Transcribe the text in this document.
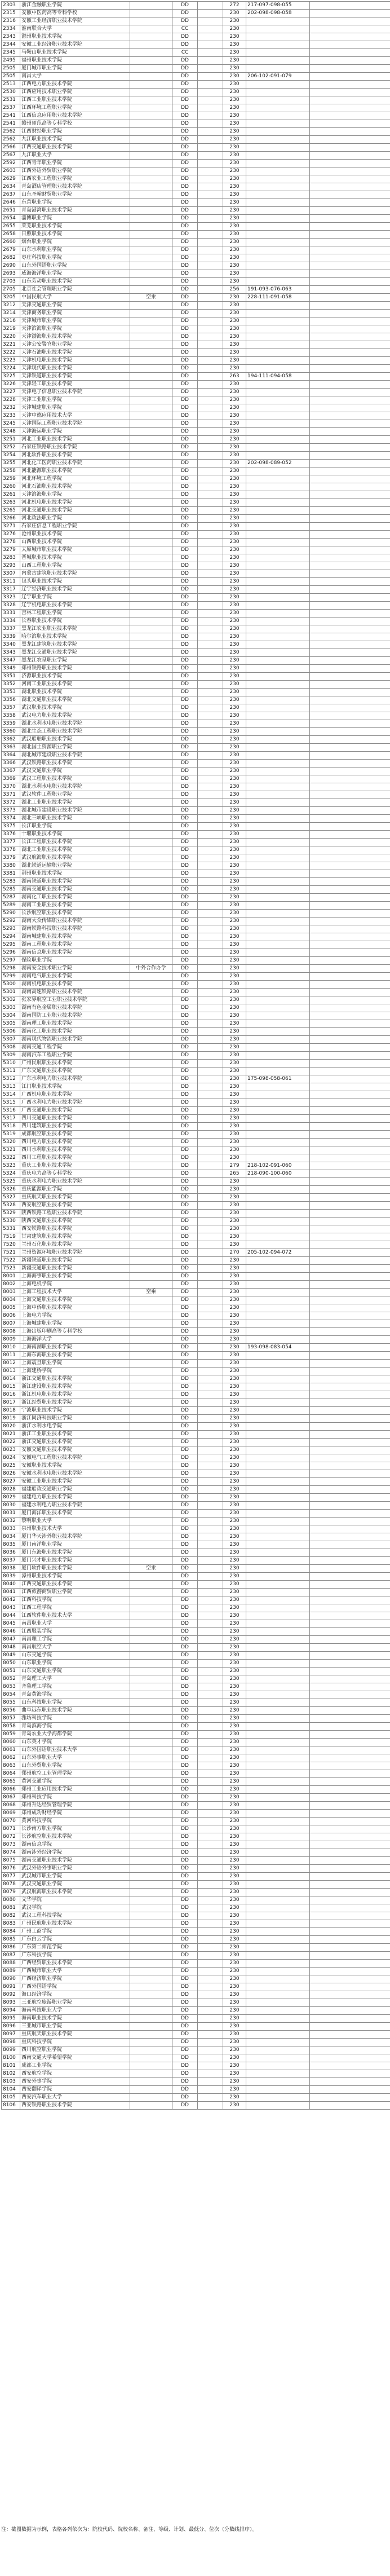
2303	浙江金融职业学院		DD		272	217-097-098-055	
2315	安徽中医药高等专科学校		DD		230	202-098-098-058	
2316	安徽工业经济职业技术学院		DD		230		
2334	淮南联合大学		CC		230		
2343	滁州职业技术学院		DD		230		
2344	安徽工业经济职业技术学院		DD		230		
2345	马鞍山职业技术学院		CC		230		
2495	福州职业技术学院		DD		230		
2505	厦门城市职业学院		DD		230		
2505	南昌大学		DD		230	206-102-091-079	
2513	江西电力职业技术学院		DD		230		
2530	江西应用技术职业学院		DD		230		
2531	江西工业职业技术学院		DD		230		
2537	江西环境工程职业学院		DD		230		
2541	江西信息应用职业技术学院		DD		230		
2541	赣州师范高等专科学校		DD		230		
2562	江西财经职业学院		DD		230		
2562	九江职业技术学院		DD		230		
2566	江西交通职业技术学院		DD		230		
2567	九江职业大学		DD		230		
2592	江西青年职业学院		DD		230		
2603	江西外语外贸职业学院		DD		230		
2629	江西农业工程职业学院		DD		230		
2634	青岛酒店管理职业技术学院		DD		230		
2637	山东圣翰财贸职业学院		DD		230		
2646	东营职业学院		DD		230		
2651	青岛港湾职业技术学院		DD		230		
2654	淄博职业学院		DD		230		
2655	莱芜职业技术学院		DD		230		
2658	日照职业技术学院		DD		230		
2660	烟台职业学院		DD		230		
2679	山东水利职业学院		DD		230		
2682	枣庄科技职业学院		DD		230		
2690	山东外国语职业学院		DD		230		
2693	威海海洋职业学院		DD		230		
2703	山东劳动职业技术学院		DD		230		
2705	北京社会管理职业学院		DD		256	191-093-076-063	
3205	中国民航大学	空乘	DD		230	228-111-091-058	
3212	天津交通职业学院		DD		230		
3214	天津商务职业学院		DD		230		
3216	天津城市职业学院		DD		230		
3219	天津滨海职业学院		DD		230		
3220	天津渤海职业技术学院		DD		230		
3221	天津公安警官职业学院		DD		230		
3222	天津石油职业技术学院		DD		230		
3223	天津机电职业技术学院		DD		230		
3224	天津现代职业技术学院		DD		230		
3225	天津铁道职业技术学院		DD		263	194-111-094-058	
3226	天津轻工职业技术学院		DD		230		
3227	天津电子信息职业技术学院		DD		230		
3228	天津工业职业学院		DD		230		
3232	天津城建职业学院		DD		230		
3233	天津中德应用技术大学		DD		230		
3245	天津国际工程职业技术学院		DD		230		
3248	天津海运职业学院		DD		230		
3251	河北工业职业技术学院		DD		230		
3252	石家庄铁路职业技术学院		DD		230		
3254	河北软件职业技术学院		DD		230		
3255	河北化工医药职业技术学院		DD		230	202-098-089-052	
3258	河北能源职业技术学院		DD		230		
3259	河北环境工程学院		DD		230		
3260	河北石油职业技术学院		DD		230		
3261	天津滨海职业学院		DD		230		
3263	河北机电职业技术学院		DD		230		
3265	河北交通职业技术学院		DD		230		
3266	河北政法职业学院		DD		230		
3271	石家庄信息工程职业学院		DD		230		
3276	沧州职业技术学院		DD		230		
3278	山西职业技术学院		DD		230		
3279	太原城市职业技术学院		DD		230		
3283	晋城职业技术学院		DD		230		
3293	山西工程职业学院		DD		230		
3307	内蒙古建筑职业技术学院		DD		230		
3311	包头职业技术学院		DD		230		
3317	辽宁经济职业技术学院		DD		230		
3323	辽宁职业学院		DD		230		
3328	辽宁机电职业技术学院		DD		230		
3331	吉林工程职业学院		DD		230		
3334	长春职业技术学院		DD		230		
3337	黑龙江农业职业技术学院		DD		230		
3339	哈尔滨职业技术学院		DD		230		
3340	黑龙江建筑职业技术学院		DD		230		
3343	黑龙江交通职业技术学院		DD		230		
3347	黑龙江农垦职业学院		DD		230		
3349	郑州铁路职业技术学院		DD		230		
3351	济源职业技术学院		DD		230		
3352	河南工业职业技术学院		DD		230		
3353	湖北职业技术学院		DD		230		
3356	湖北交通职业技术学院		DD		230		
3357	武汉职业技术学院		DD		230		
3358	武汉电力职业技术学院		DD		230		
3359	湖北水利水电职业技术学院		DD		230		
3360	湖北生态工程职业技术学院		DD		230		
3362	武汉船舶职业技术学院		DD		230		
3363	湖北国土资源职业学院		DD		230		
3364	湖北城市建设职业技术学院		DD		230		
3366	武汉铁路职业技术学院		DD		230		
3367	武汉交通职业学院		DD		230		
3369	武汉工程职业技术学院		DD		230		
3370	湖北水利水电职业技术学院		DD		230		
3371	武汉软件工程职业学院		DD		230		
3372	湖北工业职业技术学院		DD		230		
3373	湖北城市建设职业技术学院		DD		230		
3374	湖北三峡职业技术学院		DD		230		
3375	长江职业学院		DD		230		
3376	十堰职业技术学院		DD		230		
3377	长江工程职业技术学院		DD		230		
3378	湖北工业职业技术学院		DD		230		
3379	武汉航海职业技术学院		DD		230		
3380	湖北铁道运输职业学院		DD		230		
3381	荆州职业技术学院		DD		230		
5283	湖南铁道职业技术学院		DD		230		
5285	湖南交通职业技术学院		DD		230		
5287	湖南化工职业技术学院		DD		230		
5289	湖南工业职业技术学院		DD		230		
5290	长沙航空职业技术学院		DD		230		
5292	湖南大众传媒职业技术学院		DD		230		
5293	湖南铁路科技职业技术学院		DD		230		
5294	湖南城建职业技术学院		DD		230		
5295	湖南工程职业技术学院		DD		230		
5296	湖南信息职业技术学院		DD		230		
5297	保险职业学院		DD		230		
5298	湖南安全技术职业学院	中外合作办学	DD		230		
5299	湖南电气职业技术学院		DD		230		
5300	湖南机电职业技术学院		DD		230		
5301	湖南高速铁路职业技术学院		DD		230		
5302	张家界航空工业职业技术学院		DD		230		
5303	湖南有色金属职业技术学院		DD		230		
5304	湖南国防工业职业技术学院		DD		230		
5305	湖南理工职业技术学院		DD		230		
5306	湖南化工职业技术学院		DD		230		
5307	湖南现代物流职业技术学院		DD		230		
5308	湖南交通工程学院		DD		230		
5309	湖南汽车工程职业学院		DD		230		
5310	广州民航职业技术学院		DD		230		
5311	广东交通职业技术学院		DD		230		
5312	广东水利电力职业技术学院		DD		230	175-098-058-061	
5313	江门职业技术学院		DD		230		
5314	广西机电职业技术学院		DD		230		
5315	广西水利电力职业技术学院		DD		230		
5316	广西交通职业技术学院		DD		230		
5317	四川交通职业技术学院		DD		230		
5318	四川建筑职业技术学院		DD		230		
5319	成都航空职业技术学院		DD		230		
5320	四川电力职业技术学院		DD		230		
5321	四川水利职业技术学院		DD		230		
5322	四川工程职业技术学院		DD		230		
5323	重庆工业职业技术学院		DD		279	218-102-091-060	
5324	重庆电力高等专科学校		DD		265	218-090-100-060	
5325	重庆水利电力职业技术学院		DD		230		
5326	重庆能源职业学院		DD		230		
5327	重庆航天职业技术学院		DD		230		
5328	西安航空职业技术学院		DD		230		
5329	陕西铁路工程职业技术学院		DD		230		
5330	陕西交通职业技术学院		DD		230		
5331	西安铁路职业技术学院		DD		230		
7519	甘肃建筑职业技术学院		DD		230		
7520	兰州石化职业技术学院		DD		230		
7521	兰州资源环境职业技术学院		DD		270	205-102-094-072	
7522	新疆铁道职业技术学院		DD		230		
7523	新疆交通职业技术学院		DD		230		
8001	上海海事职业技术学院		DD		230		
8002	上海电机学院		DD		230		
8003	上海工程技术大学	空乘	DD		230		
8004	上海交通职业技术学院		DD		230		
8005	上海中侨职业技术学院		DD		230		
8006	上海电力学院		DD		230		
8007	上海城建职业学院		DD		230		
8008	上海出版印刷高等专科学校		DD		230		
8009	上海海洋大学		DD		230		
8010	上海南湖职业技术学院		DD		230	193-098-083-054	
8011	上海东海职业技术学院		DD		230		
8012	上海震旦职业学院		DD		230		
8013	上海建桥学院		DD		230		
8014	浙江交通职业技术学院		DD		230		
8015	浙江建设职业技术学院		DD		230		
8016	浙江机电职业技术学院		DD		230		
8017	浙江经贸职业技术学院		DD		230		
8018	宁波职业技术学院		DD		230		
8019	浙江同济科技职业学院		DD		230		
8020	浙江水利水电学院		DD		230		
8021	浙江工业职业技术学院		DD		230		
8022	浙江交通职业技术学院		DD		230		
8023	安徽交通职业技术学院		DD		230		
8024	安徽电气工程职业技术学院		DD		230		
8025	安徽职业技术学院		DD		230		
8026	安徽水利水电职业技术学院		DD		230		
8027	安徽工业职业技术学院		DD		230		
8028	福建船政交通职业学院		DD		230		
8029	福建电力职业技术学院		DD		230		
8030	福建水利电力职业技术学院		DD		230		
8031	厦门海洋职业技术学院		DD		230		
8032	黎明职业大学		DD		230		
8033	泉州职业技术大学		DD		230		
8034	厦门华天涉外职业技术学院		DD		230		
8035	厦门南洋职业学院		DD		230		
8036	厦门东海职业技术学院		DD		230		
8037	厦门兴才职业技术学院		DD		230		
8038	厦门软件职业技术学院	空乘	DD		230		
8039	漳州职业技术学院		DD		230		
8040	江西交通职业技术学院		DD		230		
8041	江西旅游商贸职业学院		DD		230		
8042	江西科技学院		DD		230		
8043	江西工程学院		DD		230		
8044	江西软件职业技术大学		DD		230		
8045	南昌职业大学		DD		230		
8046	江西服装学院		DD		230		
8047	南昌理工学院		DD		230		
8048	南昌航空大学		DD		230		
8049	山东交通学院		DD		230		
8050	山东职业学院		DD		230		
8051	山东交通职业学院		DD		230		
8052	青岛理工大学		DD		230		
8053	齐鲁理工学院		DD		230		
8054	青岛黄海学院		DD		230		
8055	山东科技职业学院		DD		230		
8056	曲阜远东职业技术学院		DD		230		
8057	潍坊科技学院		DD		230		
8058	青岛滨海学院		DD		230		
8059	青岛农业大学海都学院		DD		230		
8060	山东英才学院		DD		230		
8061	山东外国语职业技术大学		DD		230		
8062	山东外事职业大学		DD		230		
8063	山东外贸职业学院		DD		230		
8064	郑州航空工业管理学院		DD		230		
8065	黄河交通学院		DD		230		
8066	郑州工业应用技术学院		DD		230		
8067	郑州科技学院		DD		230		
8068	郑州升达经贸管理学院		DD		230		
8069	郑州成功财经学院		DD		230		
8070	黄河科技学院		DD		230		
8071	长沙南方职业学院		DD		230		
8072	长沙航空职业技术学院		DD		230		
8073	湖南信息学院		DD		230		
8074	湖南涉外经济学院		DD		230		
8075	湖南交通职业技术学院		DD		230		
8076	武汉外语外事职业学院		DD		230		
8077	武汉城市职业学院		DD		230		
8078	武汉交通职业学院		DD		230		
8079	武汉航海职业技术学院		DD		230		
8080	文华学院		DD		230		
8081	武汉学院		DD		230		
8082	武汉工程科技学院		DD		230		
8083	广州民航职业技术学院		DD		230		
8084	广州工商学院		DD		230		
8085	广东白云学院		DD		230		
8086	广东第二师范学院		DD		230		
8087	广东科技学院		DD		230		
8088	广西经贸职业技术学院		DD		230		
8089	广西城市职业大学		DD		230		
8090	广西经济职业学院		DD		230		
8091	广西外国语学院		DD		230		
8092	海口经济学院		DD		230		
8093	三亚航空旅游职业学院		DD		230		
8094	海南科技职业大学		DD		230		
8095	海南职业技术学院		DD		230		
8096	三亚城市职业学院		DD		230		
8097	重庆航天职业技术学院		DD		230		
8098	重庆科技学院		DD		230		
8099	四川航空职业学院		DD		230		
8100	西南交通大学希望学院		DD		230		
8101	成都工业学院		DD		230		
8102	西安航空学院		DD		230		
8103	西安外事学院		DD		230		
8104	西安翻译学院		DD		230		
8105	西安汽车职业大学		DD		230		
8106	西安铁路职业技术学院		DD		230		
注：截图数据为示例，表格各列依次为：院校代码、院校名称、备注、等级、计划、最低分、位次（分数线排序）。
